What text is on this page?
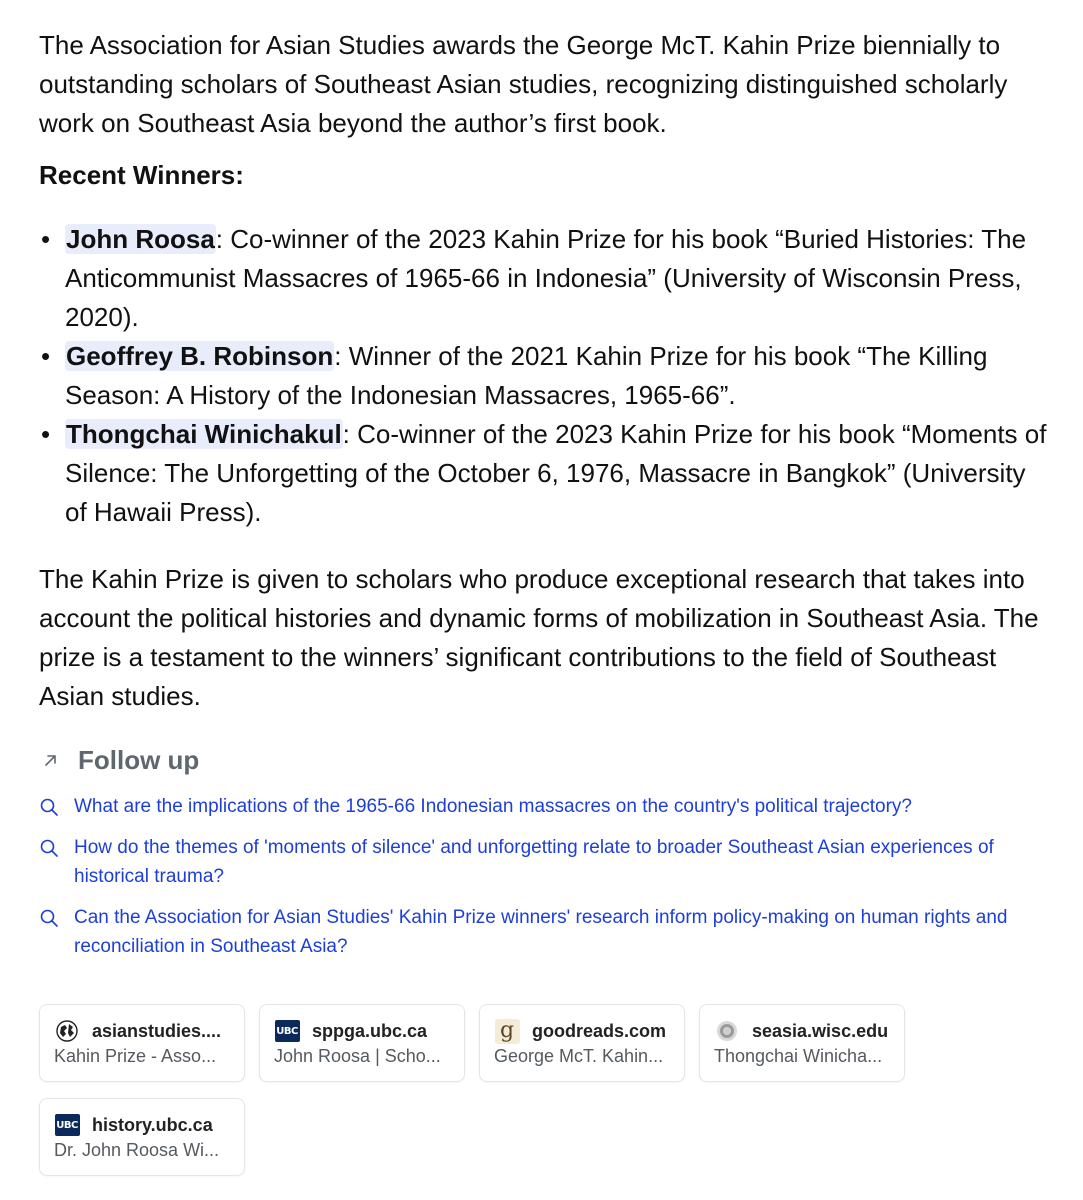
The Association for Asian Studies awards the George McT. Kahin Prize biennially to outstanding scholars of Southeast Asian studies, recognizing distinguished scholarly work on Southeast Asia beyond the author’s first book.

Recent Winners:

• John Roosa: Co-winner of the 2023 Kahin Prize for his book “Buried Histories: The Anticommunist Massacres of 1965-66 in Indonesia” (University of Wisconsin Press, 2020).
• Geoffrey B. Robinson: Winner of the 2021 Kahin Prize for his book “The Killing Season: A History of the Indonesian Massacres, 1965-66”.
• Thongchai Winichakul: Co-winner of the 2023 Kahin Prize for his book “Moments of Silence: The Unforgetting of the October 6, 1976, Massacre in Bangkok” (University of Hawaii Press).

The Kahin Prize is given to scholars who produce exceptional research that takes into account the political histories and dynamic forms of mobilization in Southeast Asia. The prize is a testament to the winners’ significant contributions to the field of Southeast Asian studies.

Follow up
What are the implications of the 1965-66 Indonesian massacres on the country's political trajectory?
How do the themes of 'moments of silence' and unforgetting relate to broader Southeast Asian experiences of historical trauma?
Can the Association for Asian Studies' Kahin Prize winners' research inform policy-making on human rights and reconciliation in Southeast Asia?
asianstudies....
Kahin Prize - Asso...
UBC sppga.ubc.ca
John Roosa | Scho...
g goodreads.com
George McT. Kahin...
seasia.wisc.edu
Thongchai Winicha...
UBC history.ubc.ca
Dr. John Roosa Wi...
